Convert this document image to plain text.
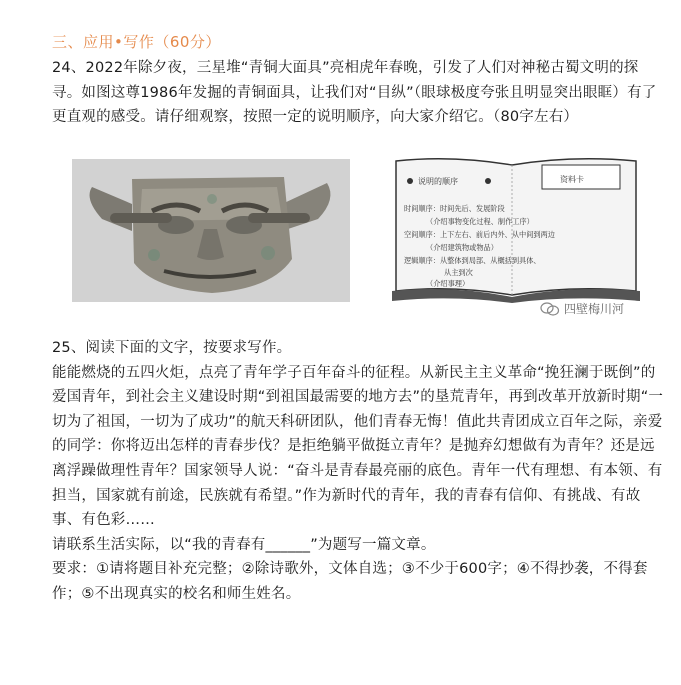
三、应用•写作（60分）
24、2022年除夕夜，三星堆“青铜大面具”亮相虎年春晚，引发了人们对神秘古蜀文明的探寻。如图这尊1986年发掘的青铜面具，让我们对“目纵”（眼球极度夸张且明显突出眼眶）有了更直观的感受。请仔细观察，按照一定的说明顺序，向大家介绍它。（80字左右）
说明的顺序	资料卡
时间顺序：时间先后、发展阶段
（介绍事物变化过程、制作工序）
空间顺序：上下左右、前后内外、从中间到两边
（介绍建筑物或物品）
逻辑顺序：从整体到局部、从概括到具体、
从主到次
（介绍事理）
四壁梅川河
25、阅读下面的文字，按要求写作。
能能燃烧的五四火炬，点亮了青年学子百年奋斗的征程。从新民主主义革命“挽狂澜于既倒”的爱国青年，到社会主义建设时期“到祖国最需要的地方去”的垦荒青年，再到改革开放新时期“一切为了祖国，一切为了成功”的航天科研团队，他们青春无悔！值此共青团成立百年之际，亲爱的同学：你将迈出怎样的青春步伐？是拒绝躺平做挺立青年？是抛弃幻想做有为青年？还是远离浮躁做理性青年？国家领导人说：“奋斗是青春最亮丽的底色。青年一代有理想、有本领、有担当，国家就有前途，民族就有希望。”作为新时代的青年，我的青春有信仰、有挑战、有故事、有色彩……
请联系生活实际，以“我的青春有______”为题写一篇文章。
要求：①请将题目补充完整；②除诗歌外，文体自选；③不少于600字；④不得抄袭，不得套作；⑤不出现真实的校名和师生姓名。
